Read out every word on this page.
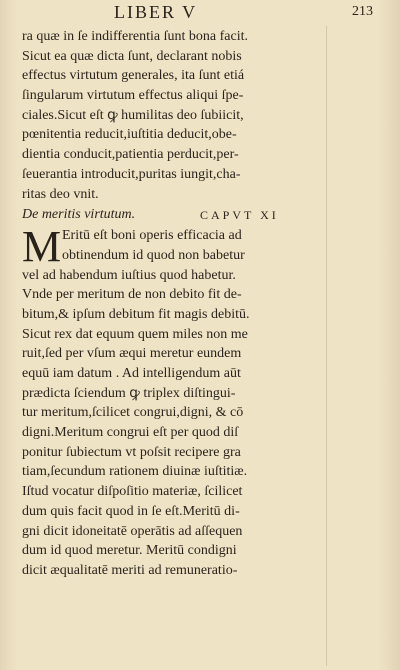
LIBER V	213
ra quæ in ſe indifferentia ſunt bona facit.
Sicut ea quæ dicta ſunt, declarant nobis
effectus virtutum generales, ita ſunt etiá
ſingularum virtutum effectus aliqui ſpe-
ciales.Sicut eſt ꝙ humilitas deo ſubiicit,
pœnitentia reducit,iuſtitia deducit,obe-
dientia conducit,patientia perducit,per-
ſeuerantia introducit,puritas iungit,cha-
ritas deo vnit.
De meritis virtutum.	CAPVT XI
M Eritū eſt boni operis efficacia ad
obtinendum id quod non babetur
vel ad habendum iuſtius quod habetur.
Vnde per meritum de non debito fit de-
bitum,& ipſum debitum fit magis debitū.
Sicut rex dat equum quem miles non me
ruit,ſed per vſum æqui meretur eundem
equū iam datum . Ad intelligendum aūt
prædicta ſciendum ꝙ triplex diſtingui-
tur meritum,ſcilicet congrui,digni, & cō
digni.Meritum congrui eſt per quod diſ
ponitur ſubiectum vt poſsit recipere gra
tiam,ſecundum rationem diuinæ iuſtitiæ.
Iſtud vocatur diſpoſitio materiæ, ſcilicet
dum quis facit quod in ſe eſt.Meritū di-
gni dicit idoneitatē operātis ad aſſequen
dum id quod meretur. Meritū condigni
dicit æqualitatē meriti ad remuneratio-
